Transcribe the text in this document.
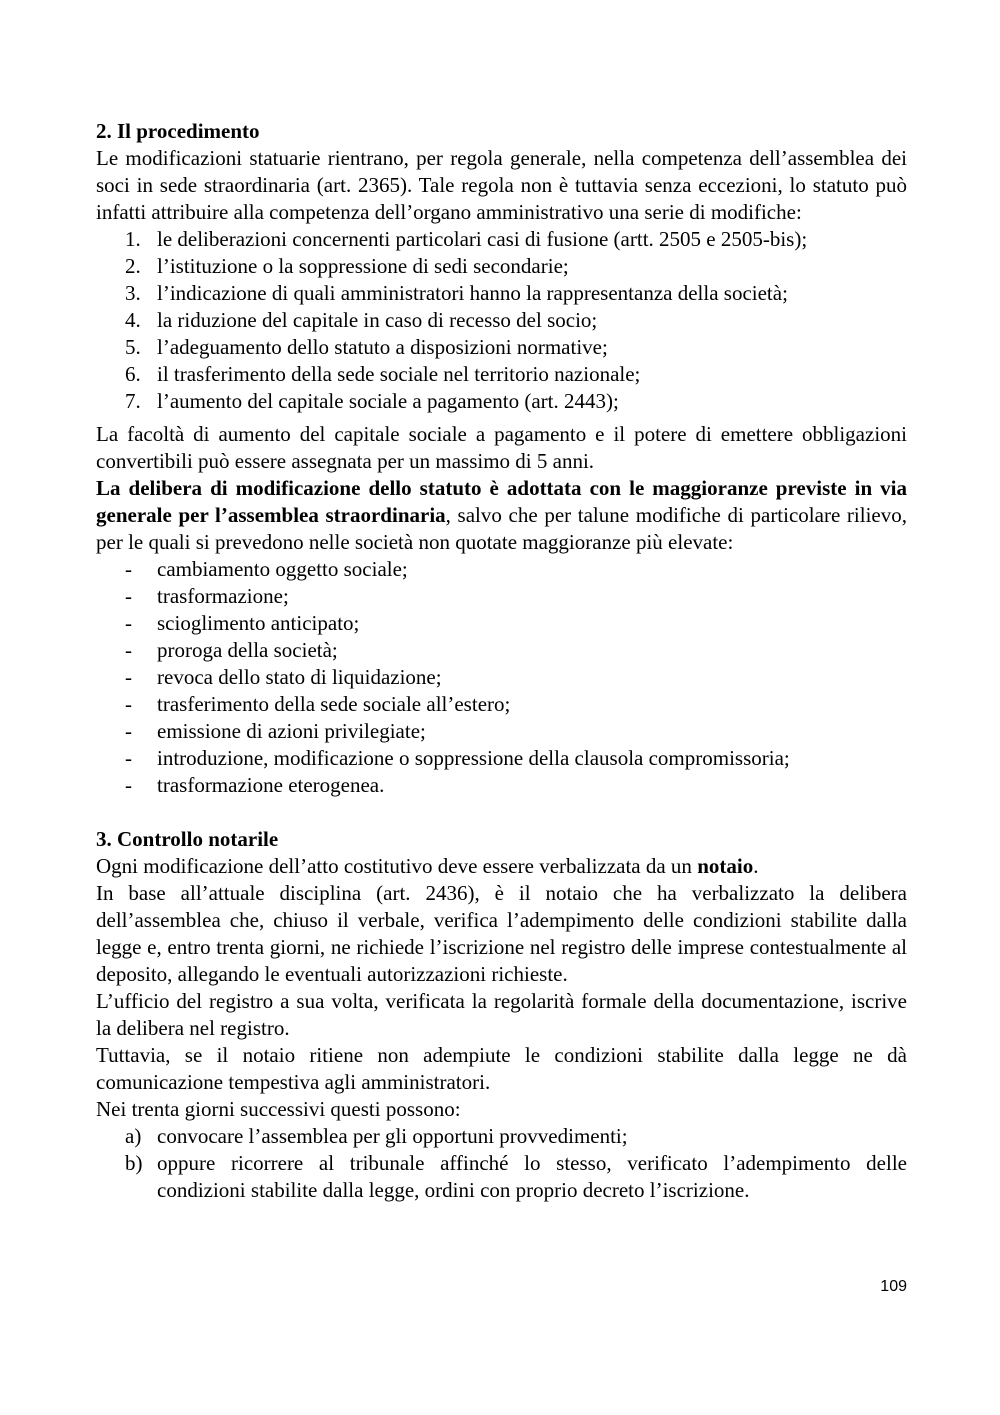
2. Il procedimento

Le modificazioni statuarie rientrano, per regola generale, nella competenza dell’assemblea dei soci in sede straordinaria (art. 2365). Tale regola non è tuttavia senza eccezioni, lo statuto può infatti attribuire alla competenza dell’organo amministrativo una serie di modifiche:

1. le deliberazioni concernenti particolari casi di fusione (artt. 2505 e 2505-bis);
2. l’istituzione o la soppressione di sedi secondarie;
3. l’indicazione di quali amministratori hanno la rappresentanza della società;
4. la riduzione del capitale in caso di recesso del socio;
5. l’adeguamento dello statuto a disposizioni normative;
6. il trasferimento della sede sociale nel territorio nazionale;
7. l’aumento del capitale sociale a pagamento (art. 2443);

La facoltà di aumento del capitale sociale a pagamento e il potere di emettere obbligazioni convertibili può essere assegnata per un massimo di 5 anni.

La delibera di modificazione dello statuto è adottata con le maggioranze previste in via generale per l’assemblea straordinaria, salvo che per talune modifiche di particolare rilievo, per le quali si prevedono nelle società non quotate maggioranze più elevate:

- cambiamento oggetto sociale;
- trasformazione;
- scioglimento anticipato;
- proroga della società;
- revoca dello stato di liquidazione;
- trasferimento della sede sociale all’estero;
- emissione di azioni privilegiate;
- introduzione, modificazione o soppressione della clausola compromissoria;
- trasformazione eterogenea.
3. Controllo notarile

Ogni modificazione dell’atto costitutivo deve essere verbalizzata da un notaio.

In base all’attuale disciplina (art. 2436), è il notaio che ha verbalizzato la delibera dell’assemblea che, chiuso il verbale, verifica l’adempimento delle condizioni stabilite dalla legge e, entro trenta giorni, ne richiede l’iscrizione nel registro delle imprese contestualmente al deposito, allegando le eventuali autorizzazioni richieste.

L’ufficio del registro a sua volta, verificata la regolarità formale della documentazione, iscrive la delibera nel registro.

Tuttavia, se il notaio ritiene non adempiute le condizioni stabilite dalla legge ne dà comunicazione tempestiva agli amministratori.

Nei trenta giorni successivi questi possono:

a) convocare l’assemblea per gli opportuni provvedimenti;
b) oppure ricorrere al tribunale affinché lo stesso, verificato l’adempimento delle condizioni stabilite dalla legge, ordini con proprio decreto l’iscrizione.
109
